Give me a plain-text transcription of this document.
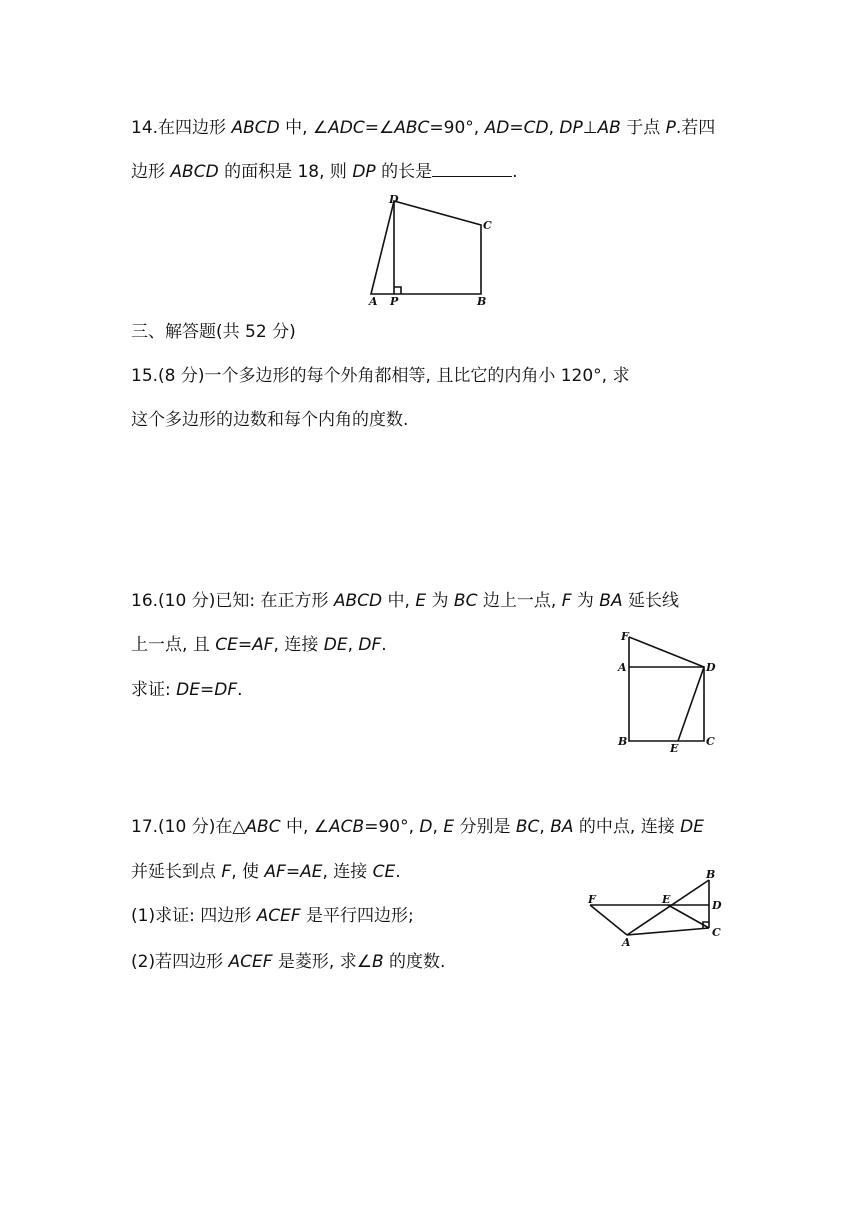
14.在四边形 ABCD 中, ∠ADC=∠ABC=90°, AD=CD, DP⊥AB 于点 P.若四
边形 ABCD 的面积是 18, 则 DP 的长是	.
D
C
A P	B
三、解答题(共 52 分)
15.(8 分)一个多边形的每个外角都相等, 且比它的内角小 120°, 求
这个多边形的边数和每个内角的度数.
16.(10 分)已知: 在正方形 ABCD 中, E 为 BC 边上一点, F 为 BA 延长线
上一点, 且 CE=AF, 连接 DE, DF.
求证: DE=DF.
F
A	D
B
E
C
17.(10 分)在△ABC 中, ∠ACB=90°, D, E 分别是 BC, BA 的中点, 连接 DE
并延长到点 F, 使 AF=AE, 连接 CE.
(1)求证: 四边形 ACEF 是平行四边形;
(2)若四边形 ACEF 是菱形, 求∠B 的度数.
B
F	E	D
A
C
